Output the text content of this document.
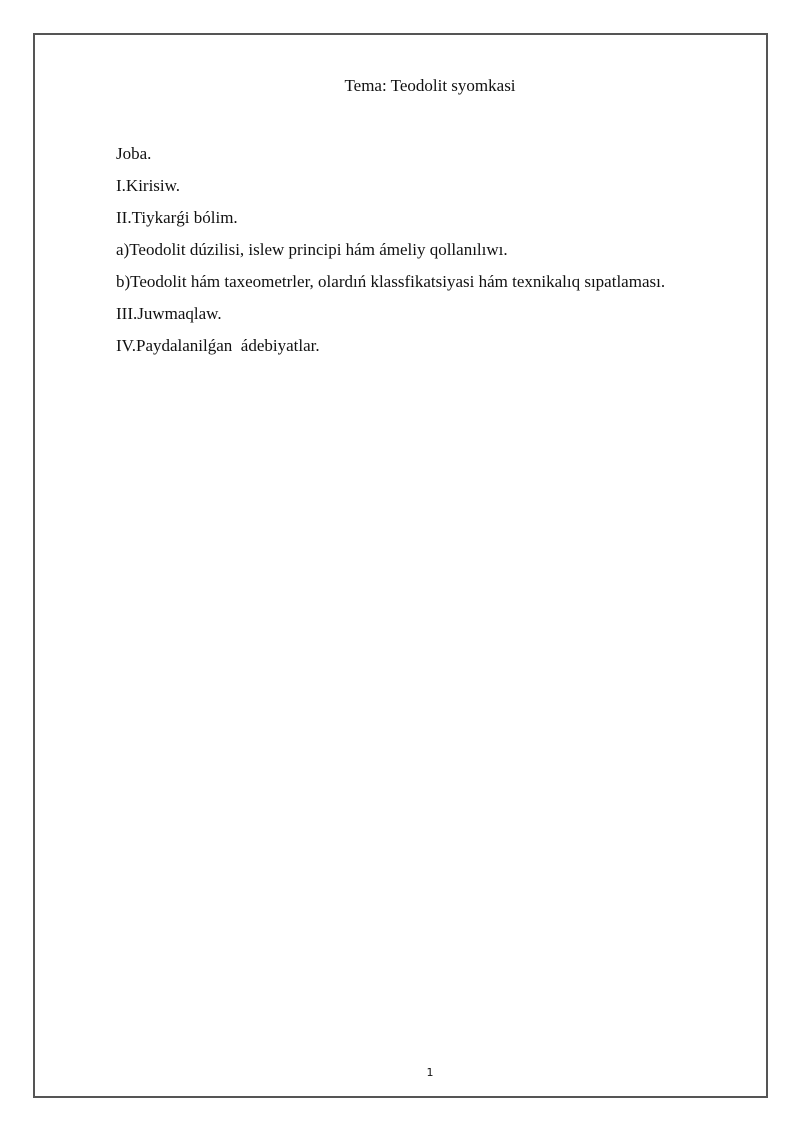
Tema: Teodolit syomkasi
Joba.
I.Kirisiw.
II.Tiykarǵi bólim.
a)Teodolit dúzilisi, islew principi hám ámeliy qollanılıwı.
b)Teodolit hám taxeometrler, olardıń klassfikatsiyasi hám texnikalıq sıpatlaması.
III.Juwmaqlaw.
IV.Paydalanilǵan  ádebiyatlar.
1
